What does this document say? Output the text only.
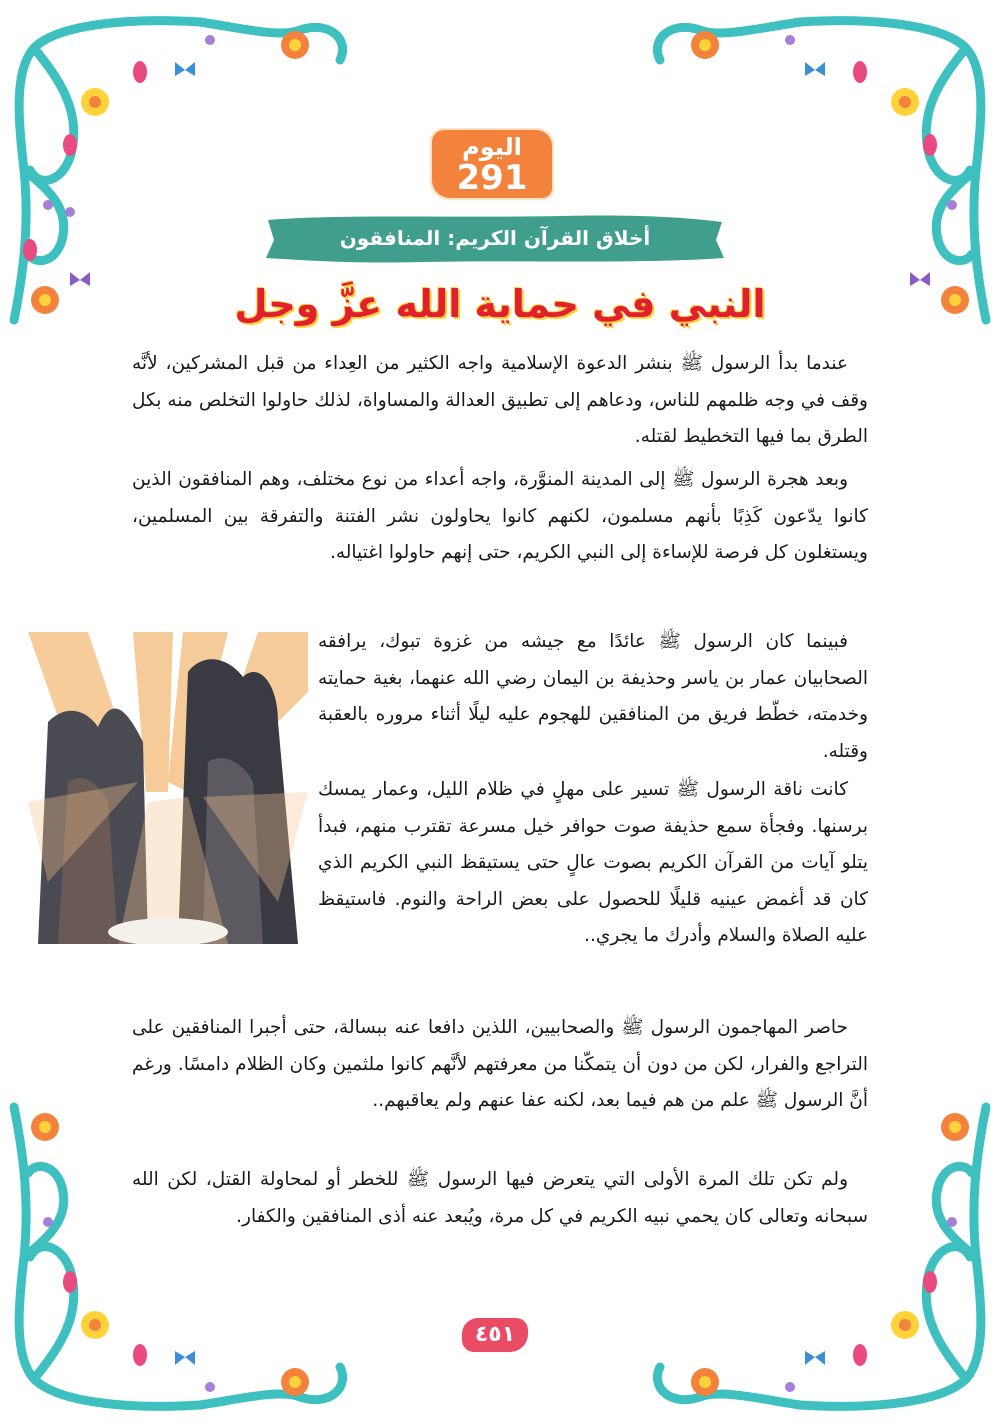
اليوم
291
أخلاق القرآن الكريم: المنافقون
النبي في حماية الله عزَّ وجل
عندما بدأ الرسول ﷺ بنشر الدعوة الإسلامية واجه الكثير من العِداء من قبل المشركين، لأنَّه وقف في وجه ظلمهم للناس، ودعاهم إلى تطبيق العدالة والمساواة، لذلك حاولوا التخلص منه بكل الطرق بما فيها التخطيط لقتله.
وبعد هجرة الرسول ﷺ إلى المدينة المنوَّرة، واجه أعداء من نوع مختلف، وهم المنافقون الذين كانوا يدّعون كَذِبًا بأنهم مسلمون، لكنهم كانوا يحاولون نشر الفتنة والتفرقة بين المسلمين، ويستغلون كل فرصة للإساءة إلى النبي الكريم، حتى إنهم حاولوا اغتياله.
فبينما كان الرسول ﷺ عائدًا مع جيشه من غزوة تبوك، يرافقه الصحابيان عمار بن ياسر وحذيفة بن اليمان رضي الله عنهما، بغية حمايته وخدمته، خطّط فريق من المنافقين للهجوم عليه ليلًا أثناء مروره بالعقبة وقتله.
كانت ناقة الرسول ﷺ تسير على مهلٍ في ظلام الليل، وعمار يمسك برسنها. وفجأة سمع حذيفة صوت حوافر خيل مسرعة تقترب منهم، فبدأ يتلو آيات من القرآن الكريم بصوت عالٍ حتى يستيقظ النبي الكريم الذي كان قد أغمض عينيه قليلًا للحصول على بعض الراحة والنوم. فاستيقظ عليه الصلاة والسلام وأدرك ما يجري..
حاصر المهاجمون الرسول ﷺ والصحابيين، اللذين دافعا عنه ببسالة، حتى أجبرا المنافقين على التراجع والفرار، لكن من دون أن يتمكّنا من معرفتهم لأنَّهم كانوا ملثمين وكان الظلام دامسًا. ورغم أنَّ الرسول ﷺ علم من هم فيما بعد، لكنه عفا عنهم ولم يعاقبهم..
ولم تكن تلك المرة الأولى التي يتعرض فيها الرسول ﷺ للخطر أو لمحاولة القتل، لكن الله سبحانه وتعالى كان يحمي نبيه الكريم في كل مرة، ويُبعد عنه أذى المنافقين والكفار.
٤٥١
